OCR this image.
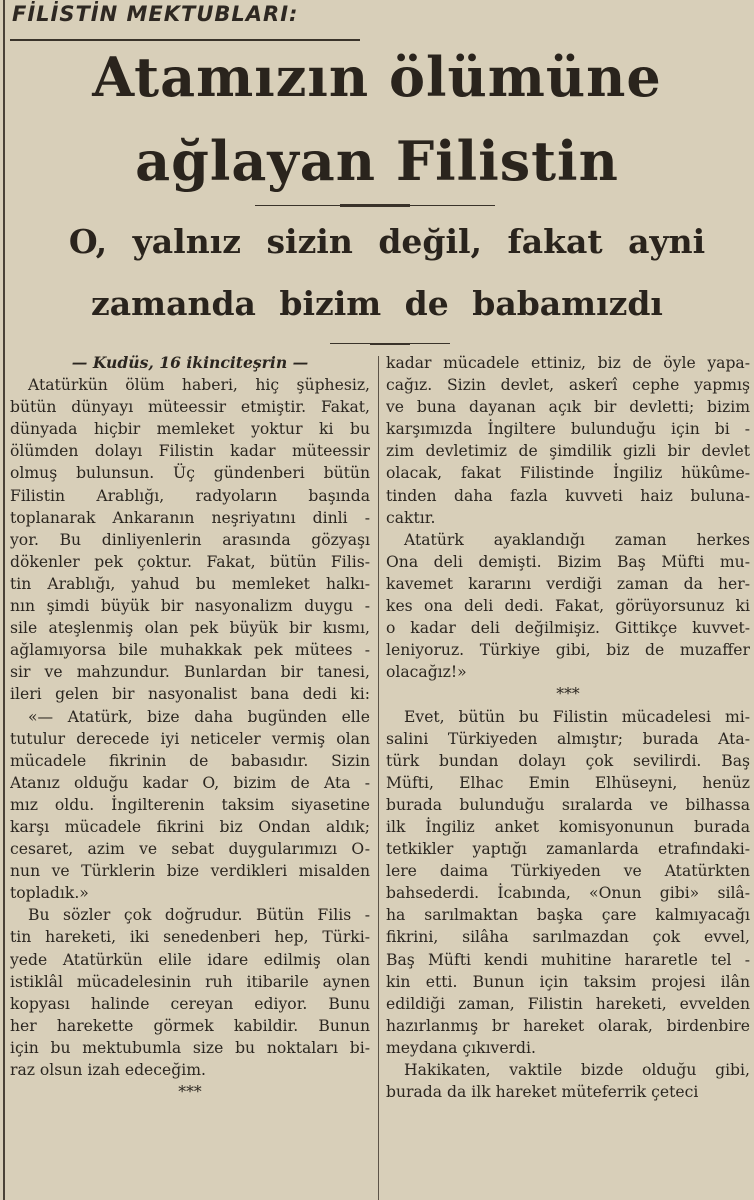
FİLİSTİN MEKTUBLARI:
Atamızın ölümüne
ağlayan Filistin
O, yalnız sizin değil, fakat ayni
zamanda bizim de babamızdı
— Kudüs, 16 ikinciteşrin —
Atatürkün ölüm haberi, hiç şüphesiz,
bütün dünyayı müteessir etmiştir. Fakat,
dünyada hiçbir memleket yoktur ki bu
ölümden dolayı Filistin kadar müteessir
olmuş bulunsun. Üç gündenberi bütün
Filistin Arablığı, radyoların başında
toplanarak Ankaranın neşriyatını dinli -
yor. Bu dinliyenlerin arasında gözyaşı
dökenler pek çoktur. Fakat, bütün Filis-
tin Arablığı, yahud bu memleket halkı-
nın şimdi büyük bir nasyonalizm duygu -
sile ateşlenmiş olan pek büyük bir kısmı,
ağlamıyorsa bile muhakkak pek mütees -
sir ve mahzundur. Bunlardan bir tanesi,
ileri gelen bir nasyonalist bana dedi ki:
«— Atatürk, bize daha bugünden elle
tutulur derecede iyi neticeler vermiş olan
mücadele fikrinin de babasıdır. Sizin
Atanız olduğu kadar O, bizim de Ata -
mız oldu. İngilterenin taksim siyasetine
karşı mücadele fikrini biz Ondan aldık;
cesaret, azim ve sebat duygularımızı O-
nun ve Türklerin bize verdikleri misalden
topladık.»
Bu sözler çok doğrudur. Bütün Filis -
tin hareketi, iki senedenberi hep, Türki-
yede Atatürkün elile idare edilmiş olan
istiklâl mücadelesinin ruh itibarile aynen
kopyası halinde cereyan ediyor. Bunu
her harekette görmek kabildir. Bunun
için bu mektubumla size bu noktaları bi-
raz olsun izah edeceğim.
***
kadar mücadele ettiniz, biz de öyle yapa-
cağız. Sizin devlet, askerî cephe yapmış
ve buna dayanan açık bir devletti; bizim
karşımızda İngiltere bulunduğu için bi -
zim devletimiz de şimdilik gizli bir devlet
olacak, fakat Filistinde İngiliz hükûme-
tinden daha fazla kuvveti haiz buluna-
caktır.
Atatürk ayaklandığı zaman herkes
Ona deli demişti. Bizim Baş Müfti mu-
kavemet kararını verdiği zaman da her-
kes ona deli dedi. Fakat, görüyorsunuz ki
o kadar deli değilmişiz. Gittikçe kuvvet-
leniyoruz. Türkiye gibi, biz de muzaffer
olacağız!»
***
Evet, bütün bu Filistin mücadelesi mi-
salini Türkiyeden almıştır; burada Ata-
türk bundan dolayı çok sevilirdi. Baş
Müfti, Elhac Emin Elhüseyni, henüz
burada bulunduğu sıralarda ve bilhassa
ilk İngiliz anket komisyonunun burada
tetkikler yaptığı zamanlarda etrafındaki-
lere daima Türkiyeden ve Atatürkten
bahsederdi. İcabında, «Onun gibi» silâ-
ha sarılmaktan başka çare kalmıyacağı
fikrini, silâha sarılmazdan çok evvel,
Baş Müfti kendi muhitine hararetle tel -
kin etti. Bunun için taksim projesi ilân
edildiği zaman, Filistin hareketi, evvelden
hazırlanmış br hareket olarak, birdenbire
meydana çıkıverdi.
Hakikaten, vaktile bizde olduğu gibi,
burada da ilk hareket müteferrik çeteci
